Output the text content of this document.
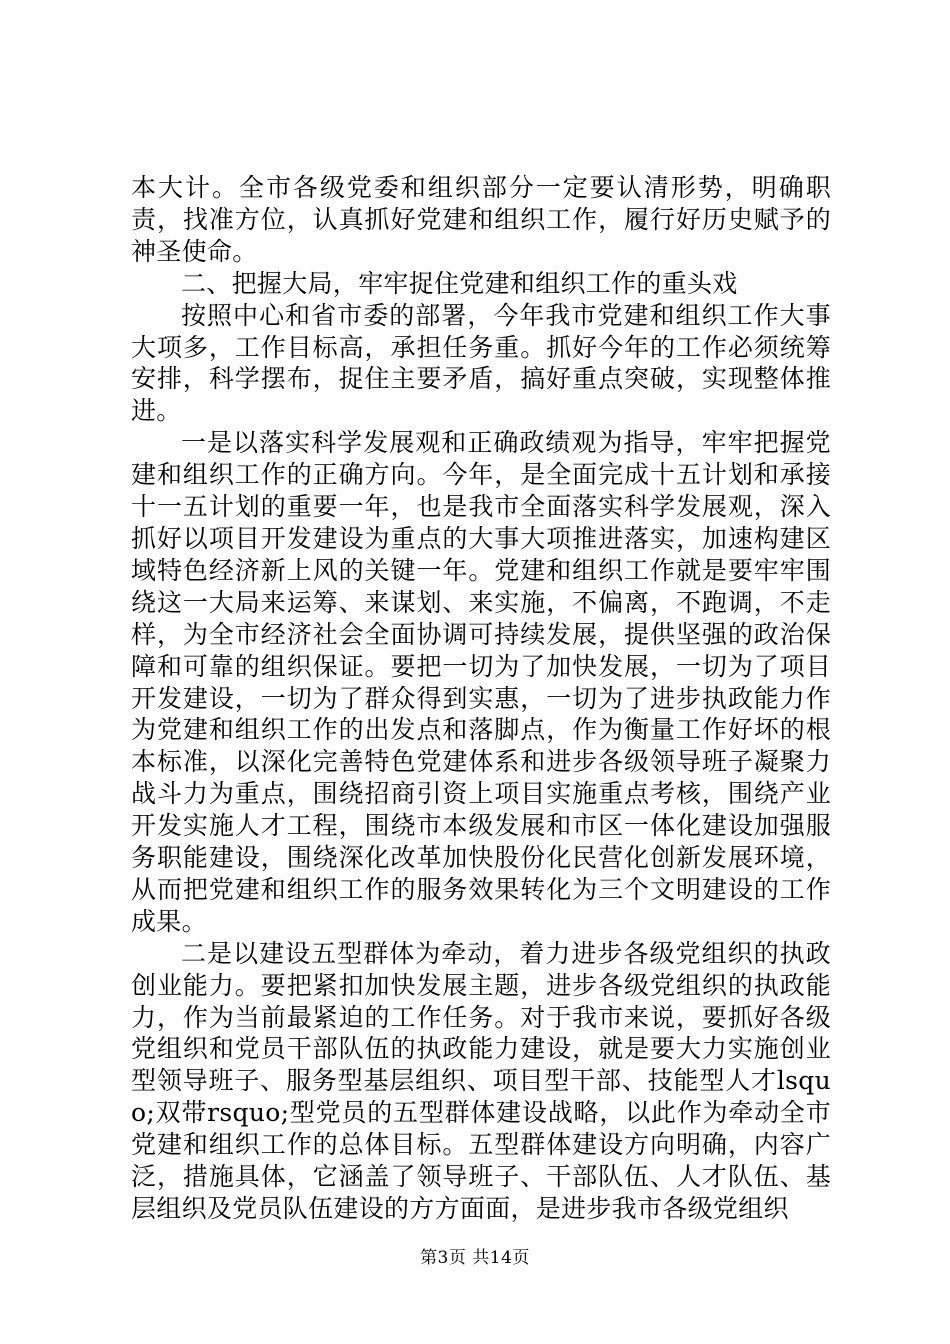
本大计。全市各级党委和组织部分一定要认清形势，明确职责，找准方位，认真抓好党建和组织工作，履行好历史赋予的神圣使命。

二、把握大局，牢牢捉住党建和组织工作的重头戏

按照中心和省市委的部署，今年我市党建和组织工作大事大项多，工作目标高，承担任务重。抓好今年的工作必须统筹安排，科学摆布，捉住主要矛盾，搞好重点突破，实现整体推进。

一是以落实科学发展观和正确政绩观为指导，牢牢把握党建和组织工作的正确方向。今年，是全面完成十五计划和承接十一五计划的重要一年，也是我市全面落实科学发展观，深入抓好以项目开发建设为重点的大事大项推进落实，加速构建区域特色经济新上风的关键一年。党建和组织工作就是要牢牢围绕这一大局来运筹、来谋划、来实施，不偏离，不跑调，不走样，为全市经济社会全面协调可持续发展，提供坚强的政治保障和可靠的组织保证。要把一切为了加快发展，一切为了项目开发建设，一切为了群众得到实惠，一切为了进步执政能力作为党建和组织工作的出发点和落脚点，作为衡量工作好坏的根本标准，以深化完善特色党建体系和进步各级领导班子凝聚力战斗力为重点，围绕招商引资上项目实施重点考核，围绕产业开发实施人才工程，围绕市本级发展和市区一体化建设加强服务职能建设，围绕深化改革加快股份化民营化创新发展环境，从而把党建和组织工作的服务效果转化为三个文明建设的工作成果。

二是以建设五型群体为牵动，着力进步各级党组织的执政创业能力。要把紧扣加快发展主题，进步各级党组织的执政能力，作为当前最紧迫的工作任务。对于我市来说，要抓好各级党组织和党员干部队伍的执政能力建设，就是要大力实施创业型领导班子、服务型基层组织、项目型干部、技能型人才lsquo;双带rsquo;型党员的五型群体建设战略，以此作为牵动全市党建和组织工作的总体目标。五型群体建设方向明确，内容广泛，措施具体，它涵盖了领导班子、干部队伍、人才队伍、基层组织及党员队伍建设的方方面面，是进步我市各级党组织

第3页 共14页
